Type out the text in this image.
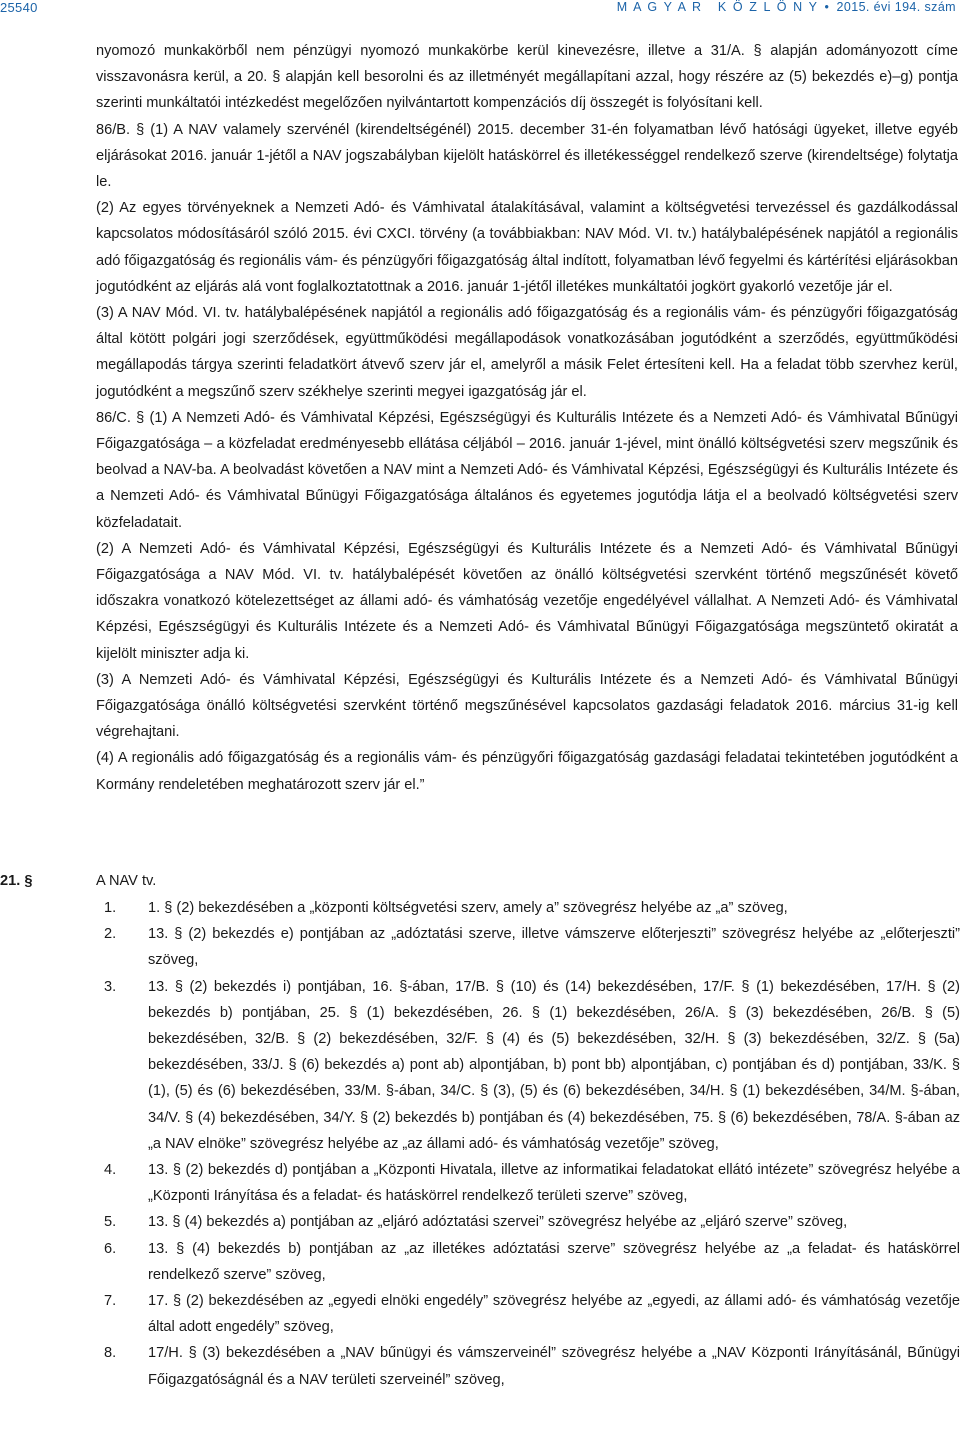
25540	M A G Y A R   K Ö Z L Ö N Y • 2015. évi 194. szám

nyomozó munkakörből nem pénzügyi nyomozó munkakörbe kerül kinevezésre, illetve a 31/A. § alapján adományozott címe visszavonásra kerül, a 20. § alapján kell besorolni és az illetményét megállapítani azzal, hogy részére az (5) bekezdés e)–g) pontja szerinti munkáltatói intézkedést megelőzően nyilvántartott kompenzációs díj összegét is folyósítani kell.

86/B. § (1) A NAV valamely szervénél (kirendeltségénél) 2015. december 31-én folyamatban lévő hatósági ügyeket, illetve egyéb eljárásokat 2016. január 1-jétől a NAV jogszabályban kijelölt hatáskörrel és illetékességgel rendelkező szerve (kirendeltsége) folytatja le.

(2) Az egyes törvényeknek a Nemzeti Adó- és Vámhivatal átalakításával, valamint a költségvetési tervezéssel és gazdálkodással kapcsolatos módosításáról szóló 2015. évi CXCI. törvény (a továbbiakban: NAV Mód. VI. tv.) hatálybalépésének napjától a regionális adó főigazgatóság és regionális vám- és pénzügyőri főigazgatóság által indított, folyamatban lévő fegyelmi és kártérítési eljárásokban jogutódként az eljárás alá vont foglalkoztatottnak a 2016. január 1-jétől illetékes munkáltatói jogkört gyakorló vezetője jár el.

(3) A NAV Mód. VI. tv. hatálybalépésének napjától a regionális adó főigazgatóság és a regionális vám- és pénzügyőri főigazgatóság által kötött polgári jogi szerződések, együttműködési megállapodások vonatkozásában jogutódként a szerződés, együttműködési megállapodás tárgya szerinti feladatkört átvevő szerv jár el, amelyről a másik Felet értesíteni kell. Ha a feladat több szervhez kerül, jogutódként a megszűnő szerv székhelye szerinti megyei igazgatóság jár el.

86/C. § (1) A Nemzeti Adó- és Vámhivatal Képzési, Egészségügyi és Kulturális Intézete és a Nemzeti Adó- és Vámhivatal Bűnügyi Főigazgatósága – a közfeladat eredményesebb ellátása céljából – 2016. január 1-jével, mint önálló költségvetési szerv megszűnik és beolvad a NAV-ba. A beolvadást követően a NAV mint a Nemzeti Adó- és Vámhivatal Képzési, Egészségügyi és Kulturális Intézete és a Nemzeti Adó- és Vámhivatal Bűnügyi Főigazgatósága általános és egyetemes jogutódja látja el a beolvadó költségvetési szerv közfeladatait.

(2) A Nemzeti Adó- és Vámhivatal Képzési, Egészségügyi és Kulturális Intézete és a Nemzeti Adó- és Vámhivatal Bűnügyi Főigazgatósága a NAV Mód. VI. tv. hatálybalépését követően az önálló költségvetési szervként történő megszűnését követő időszakra vonatkozó kötelezettséget az állami adó- és vámhatóság vezetője engedélyével vállalhat. A Nemzeti Adó- és Vámhivatal Képzési, Egészségügyi és Kulturális Intézete és a Nemzeti Adó- és Vámhivatal Bűnügyi Főigazgatósága megszüntető okiratát a kijelölt miniszter adja ki.

(3) A Nemzeti Adó- és Vámhivatal Képzési, Egészségügyi és Kulturális Intézete és a Nemzeti Adó- és Vámhivatal Bűnügyi Főigazgatósága önálló költségvetési szervként történő megszűnésével kapcsolatos gazdasági feladatok 2016. március 31-ig kell végrehajtani.

(4) A regionális adó főigazgatóság és a regionális vám- és pénzügyőri főigazgatóság gazdasági feladatai tekintetében jogutódként a Kormány rendeletében meghatározott szerv jár el.”

21. §	A NAV tv.
1. 1. § (2) bekezdésében a „központi költségvetési szerv, amely a” szövegrész helyébe az „a” szöveg,
2. 13. § (2) bekezdés e) pontjában az „adóztatási szerve, illetve vámszerve előterjeszti” szövegrész helyébe az „előterjeszti” szöveg,
3. 13. § (2) bekezdés i) pontjában, 16. §-ában, 17/B. § (10) és (14) bekezdésében, 17/F. § (1) bekezdésében, 17/H. § (2) bekezdés b) pontjában, 25. § (1) bekezdésében, 26. § (1) bekezdésében, 26/A. § (3) bekezdésében, 26/B. § (5) bekezdésében, 32/B. § (2) bekezdésében, 32/F. § (4) és (5) bekezdésében, 32/H. § (3) bekezdésében, 32/Z. § (5a) bekezdésében, 33/J. § (6) bekezdés a) pont ab) alpontjában, b) pont bb) alpontjában, c) pontjában és d) pontjában, 33/K. § (1), (5) és (6) bekezdésében, 33/M. §-ában, 34/C. § (3), (5) és (6) bekezdésében, 34/H. § (1) bekezdésében, 34/M. §-ában, 34/V. § (4) bekezdésében, 34/Y. § (2) bekezdés b) pontjában és (4) bekezdésében, 75. § (6) bekezdésében, 78/A. §-ában az „a NAV elnöke” szövegrész helyébe az „az állami adó- és vámhatóság vezetője” szöveg,
4. 13. § (2) bekezdés d) pontjában a „Központi Hivatala, illetve az informatikai feladatokat ellátó intézete” szövegrész helyébe a „Központi Irányítása és a feladat- és hatáskörrel rendelkező területi szerve” szöveg,
5. 13. § (4) bekezdés a) pontjában az „eljáró adóztatási szervei” szövegrész helyébe az „eljáró szerve” szöveg,
6. 13. § (4) bekezdés b) pontjában az „az illetékes adóztatási szerve” szövegrész helyébe az „a feladat- és hatáskörrel rendelkező szerve” szöveg,
7. 17. § (2) bekezdésében az „egyedi elnöki engedély” szövegrész helyébe az „egyedi, az állami adó- és vámhatóság vezetője által adott engedély” szöveg,
8. 17/H. § (3) bekezdésében a „NAV bűnügyi és vámszerveinél” szövegrész helyébe a „NAV Központi Irányításánál, Bűnügyi Főigazgatóságnál és a NAV területi szerveinél” szöveg,
